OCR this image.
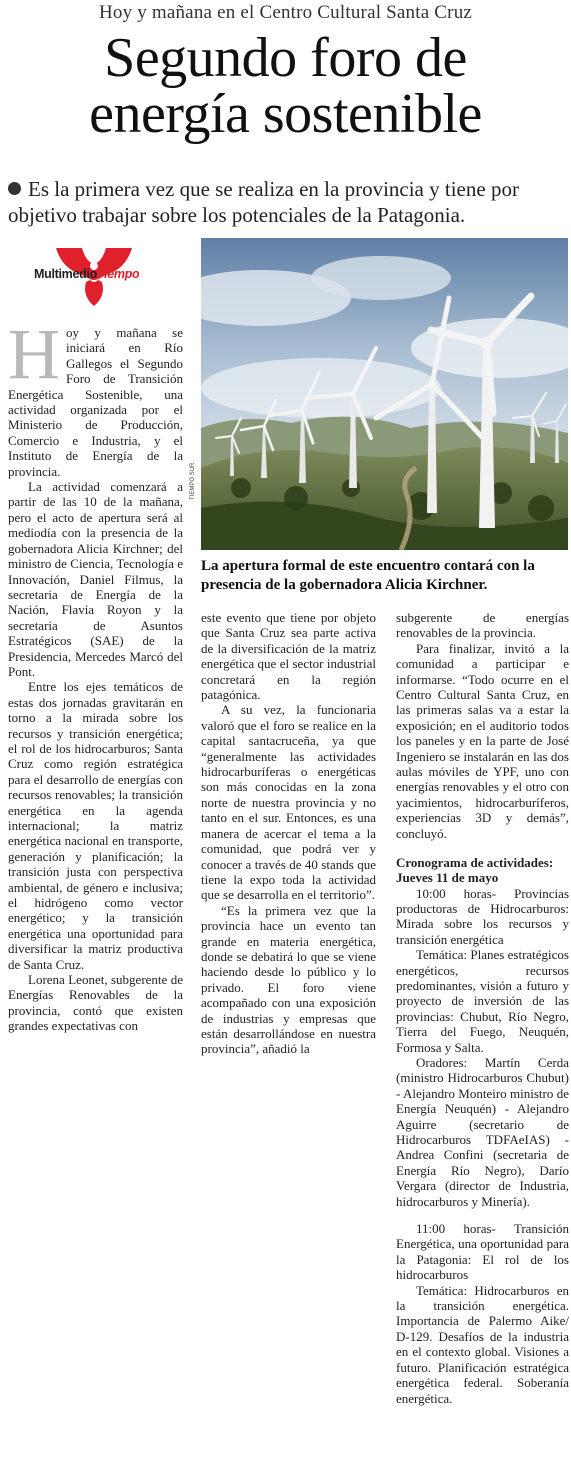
Hoy y mañana en el Centro Cultural Santa Cruz
Segundo foro de
energía sostenible
Es la primera vez que se realiza en la provincia y tiene por objetivo trabajar sobre los potenciales de la Patagonia.
MultimedioTiempo
TIEMPO SUR
La apertura formal de este encuentro contará con la presencia de la gobernadora Alicia Kirchner.

Hoy y mañana se iniciará en Río Gallegos el Segundo Foro de Transición Energética Sostenible, una actividad organizada por el Ministerio de Producción, Comercio e Industria, y el Instituto de Energía de la provincia.

La actividad comenzará a partir de las 10 de la mañana, pero el acto de apertura será al mediodía con la presencia de la gobernadora Alicia Kirchner; del ministro de Ciencia, Tecnología e Innovación, Daniel Filmus, la secretaria de Energía de la Nación, Flavia Royon y la secretaria de Asuntos Estratégicos (SAE) de la Presidencia, Mercedes Marcó del Pont.

Entre los ejes temáticos de estas dos jornadas gravitarán en torno a la mirada sobre los recursos y transición energética; el rol de los hidrocarburos; Santa Cruz como región estratégica para el desarrollo de energías con recursos renovables; la transición energética en la agenda internacional; la matriz energética nacional en transporte, generación y planificación; la transición justa con perspectiva ambiental, de género e inclusiva; el hidrógeno como vector energético; y la transición energética una oportunidad para diversificar la matriz productiva de Santa Cruz.

Lorena Leonet, subgerente de Energías Renovables de la provincia, contó que existen grandes expectativas con

este evento que tiene por objeto que Santa Cruz sea parte activa de la diversificación de la matriz energética que el sector industrial concretará en la región patagónica.

A su vez, la funcionaria valoró que el foro se realice en la capital santacruceña, ya que “generalmente las actividades hidrocarburíferas o energéticas son más conocidas en la zona norte de nuestra provincia y no tanto en el sur. Entonces, es una manera de acercar el tema a la comunidad, que podrá ver y conocer a través de 40 stands que tiene la expo toda la actividad que se desarrolla en el territorio”.

“Es la primera vez que la provincia hace un evento tan grande en materia energética, donde se debatirá lo que se viene haciendo desde lo público y lo privado. El foro viene acompañado con una exposición de industrias y empresas que están desarrollándose en nuestra provincia”, añadió la

subgerente de energías renovables de la provincia.

Para finalizar, invitó a la comunidad a participar e informarse. “Todo ocurre en el Centro Cultural Santa Cruz, en las primeras salas va a estar la exposición; en el auditorio todos los paneles y en la parte de José Ingeniero se instalarán en las dos aulas móviles de YPF, uno con energías renovables y el otro con yacimientos, hidrocarburíferos, experiencias 3D y demás”, concluyó.

Cronograma de actividades:

Jueves 11 de mayo

10:00 horas- Provincias productoras de Hidrocarburos: Mirada sobre los recursos y transición energética

Temática: Planes estratégicos energéticos, recursos predominantes, visión a futuro y proyecto de inversión de las provincias: Chubut, Río Negro, Tierra del Fuego, Neuquén, Formosa y Salta.

Oradores: Martín Cerda (ministro Hidrocarburos Chubut) - Alejandro Monteiro ministro de Energía Neuquén) - Alejandro Aguirre (secretario de Hidrocarburos TDFAeIAS) - Andrea Confini (secretaria de Energía Río Negro), Darío Vergara (director de Industria, hidrocarburos y Minería).

11:00 horas- Transición Energética, una oportunidad para la Patagonia: El rol de los hidrocarburos

Temática: Hidrocarburos en la transición energética. Importancia de Palermo Aike/ D-129. Desafíos de la industria en el contexto global. Visiones a futuro. Planificación estratégica energética federal. Soberanía energética.
